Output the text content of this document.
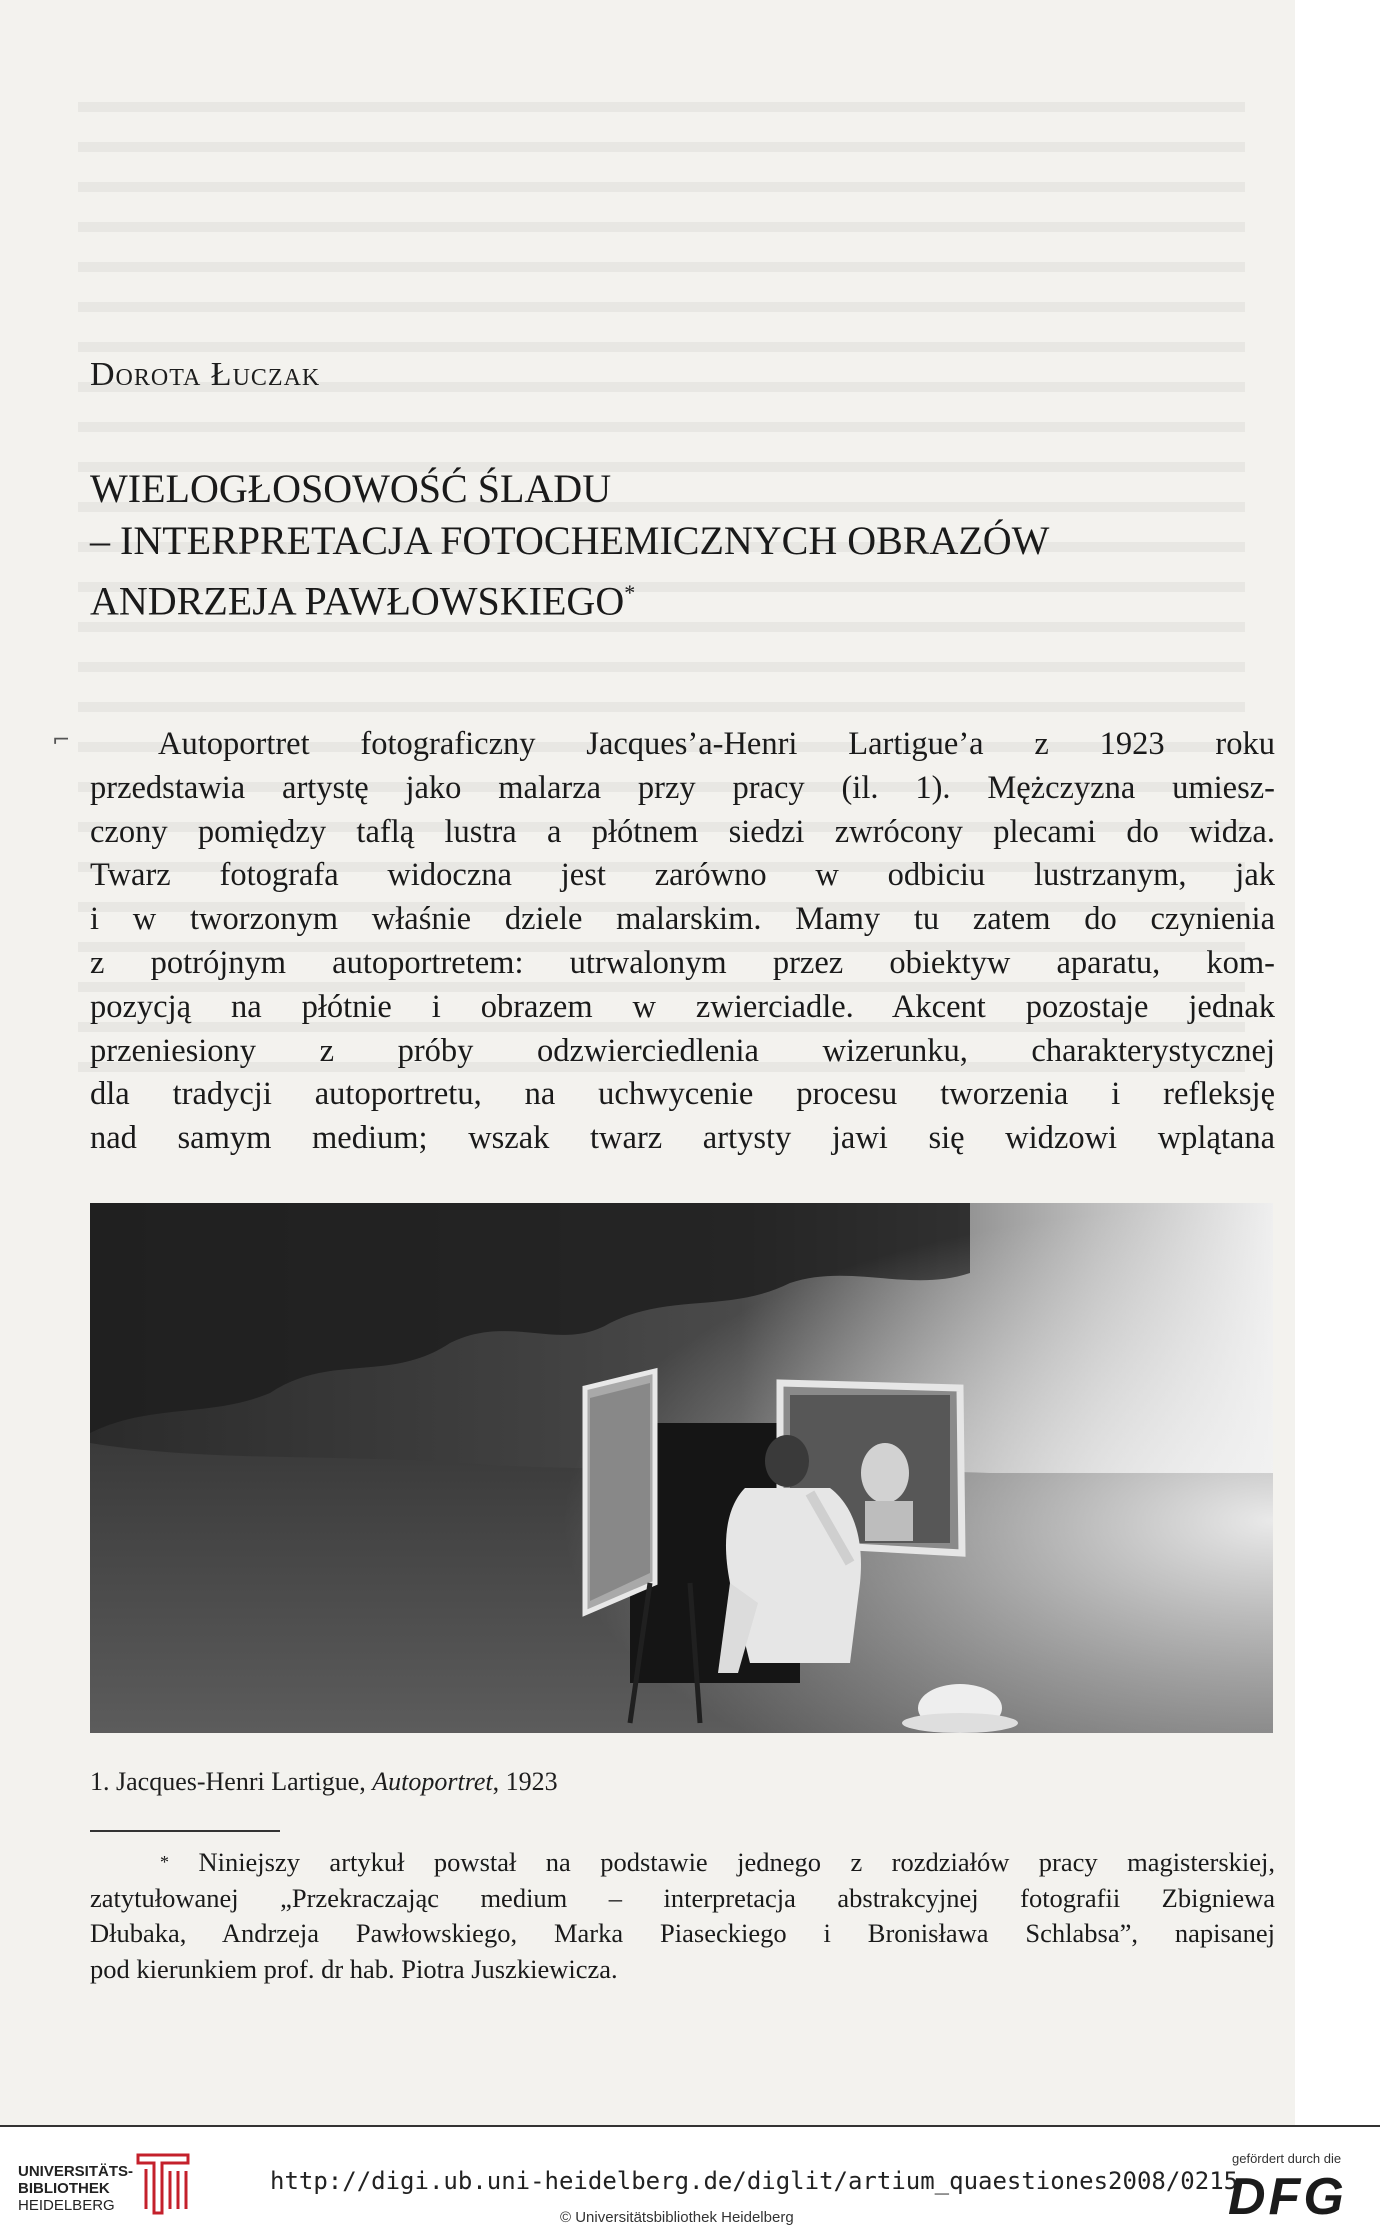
Dorota Łuczak
WIELOGŁOSOWOŚĆ ŚLADU
– INTERPRETACJA FOTOCHEMICZNYCH OBRAZÓW
ANDRZEJA PAWŁOWSKIEGO*
Autoportret fotograficzny Jacques’a-Henri Lartigue’a z 1923 roku
przedstawia artystę jako malarza przy pracy (il. 1). Mężczyzna umiesz-
czony pomiędzy taflą lustra a płótnem siedzi zwrócony plecami do widza.
Twarz fotografa widoczna jest zarówno w odbiciu lustrzanym, jak
i w tworzonym właśnie dziele malarskim. Mamy tu zatem do czynienia
z potrójnym autoportretem: utrwalonym przez obiektyw aparatu, kom-
pozycją na płótnie i obrazem w zwierciadle. Akcent pozostaje jednak
przeniesiony z próby odzwierciedlenia wizerunku, charakterystycznej
dla tradycji autoportretu, na uchwycenie procesu tworzenia i refleksję
nad samym medium; wszak twarz artysty jawi się widzowi wplątana
1. Jacques-Henri Lartigue, Autoportret, 1923
* Niniejszy artykuł powstał na podstawie jednego z rozdziałów pracy magisterskiej,
zatytułowanej „Przekraczając medium – interpretacja abstrakcyjnej fotografii Zbigniewa
Dłubaka, Andrzeja Pawłowskiego, Marka Piaseckiego i Bronisława Schlabsa”, napisanej
pod kierunkiem prof. dr hab. Piotra Juszkiewicza.
⌐
UNIVERSITÄTS-
BIBLIOTHEK
HEIDELBERG
http://digi.ub.uni-heidelberg.de/diglit/artium_quaestiones2008/0215
© Universitätsbibliothek Heidelberg
gefördert durch die
DFG
